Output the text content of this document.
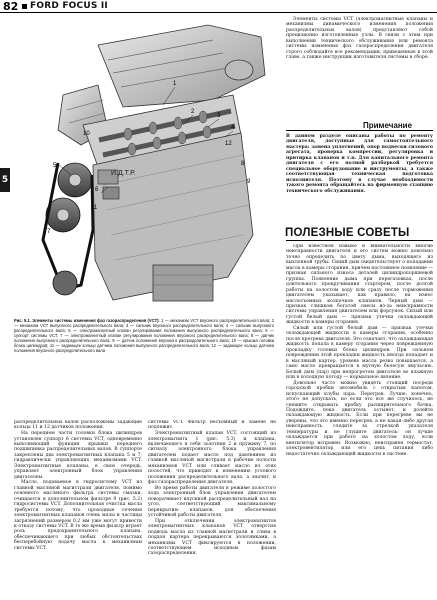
82 FORD FOCUS II
5
И.Д.Т.Р.
1
2
3
4
5
6
7
8
9
10
11
12
Рис. 5.1. Элементы системы изменения фаз газораспределения (VCT): 1 — механизм VCT впускного распределительного вала; 2 — механизм VCT выпускного распределительного вала; 3 — сальник впускного распределительного вала; 4 — сальник выпускного распределительного вала; 5 — электромагнитный клапан регулирования положения выпускного распределительного вала; 6 — суппорт системы VCT; 7 — электромагнитный клапан регулирования положения впускного распределительного вала; 8 — датчик положения выпускного распределительного вала; 9 — датчик положения впускного распределительного вала; 10 — крышка головки блока цилиндров; 11 — задающее кольцо датчика положения выпускного распределительного вала; 12 — задающее кольцо датчика положения впускного распределительного вала

Элементы системы VCT (электромагнитные клапаны и механизмы динамического изменения положения распределительных валов) представляют собой прецизионно изготовленные узлы. В связи с этим при выполнении технического обслуживания или ремонта системы изменения фаз газораспределения двигателя строго соблюдайте все рекомендации, приведенные в этой главе, а также инструкции изготовителя системы в сборе.

Примечание

В данном разделе описаны работы по ремонту двигателя, доступные для самостоятельного мастера: замена уплотнений, опор подвески силового агрегата, проверка компрессии, регулировка и притирка клапанов и т.п. Для капитального ремонта двигателя с его полной разборкой требуется специальное оборудование и инструменты, а также соответствующая техническая подготовка исполнителя. Поэтому в случае необходимости такого ремонта обращайтесь на фирменную станцию технического обслуживания.

ПОЛЕЗНЫЕ СОВЕТЫ

При известном навыке и внимательности многие неисправности двигателя и его систем можно довольно точно определить по цвету дыма, выходящего из выхлопной трубы. Синий дым свидетельствует о попадании масла в камеры сгорания, причем постоянное появление — признак сильного износа деталей цилиндропоршневой группы. Появление дыма при перегазовках, после длительного прокручивания стартером, после долгой работы на холостом ходу или сразу после торможения двигателем указывает, как правило, на износ маслосъемных колпачков клапанов. Черный дым — признак слишком богатой смеси из-за неисправности системы управления двигателем или форсунок. Сизый или густой белый дым — признак утечки охлаждающей жидкости в камеры сгорания.

Сизый или густой белый дым — признак утечки охлаждающей жидкости в камеры сгорания, особенно после прогрева двигателя. Это означает, что охлаждающая жидкость попала в камеру сгорания через поврежденную прокладку головки блока цилиндров. При сильном повреждении этой прокладки жидкость иногда попадает и в масляный картер, уровень масла резко повышается, а само масло превращается в мутную белесую эмульсию. Белый дым (пар) при непрогретом двигателе во влажную или в холодную погоду — нормальное явление.

Довольно часто можно увидеть стоящий посреди городской пробки автомобиль с открытым капотом, испускающий клубы пара. Перегрев. Лучше, конечно, этого не допускать, но если это все же случилось, не спешите открывать пробку расширительного бачка. Подождите, пока двигатель остынет, и долейте охлаждающую жидкость. Если при перегреве вы не уверены, что это именно перегрев, а не какая-либо другая неисправность, следите за стрелкой указателя температуры и не глушите двигатель: он лучше охлаждается при работе на холостом ходу, если вентилятор исправен. Возможно, неисправен термостат, электровентилятор или его цепь питания либо недостаточно охлаждающей жидкости в системе.

распределительных валов расположены задающие кольца 11 и 12 датчиков положения.

На переднем части головки блока цилиндров установлен суппорт 6 системы VCT, одновременно выполняющий функции крышки переднего подшипника распределительных валов. В суппорте закреплены два электромагнитных клапана 5 и 7, гидравлически управляющих механизмами VCT. Электромагнитные клапаны, в свою очередь, управляет электронный блок управления двигателем.

Масло, подаваемое в гидросистему VCT из главной масляной магистрали двигателя, помимо основного масляного фильтра системы смазки, очищается в дополнительном фильтре 9 (рис. 5.2) гидросистемы VCT. Дополнительная очистка масла требуется потому, что проходные сечения электромагнитных клапанов очень малы и частицы загрязнений размером 0,2 мм уже могут привести к отказу системы VCT. В то же время фильтр играет роль предохранительного клапана, обеспечивающего при любых обстоятельствах бесперебойную подачу масла к механизмам системы VCT.

системы VCT. Фильтр несъемный и замене не подлежит.

Электромагнитный клапан VCT, состоящий из электромагнита 1 (рис. 5.3) и клапана, включающего в себя золотник 2 и пружину 7, по сигналу электронного блока управления двигателем подает масло под давлением из главной масляной магистрали в рабочие полости механизмов VCT или сливает масло из этих полостей, что приводит к изменению углового положения распределительного вала, а значит, и фаз газораспределения двигателя.

Во время работы двигателя в режиме холостого хода электронный блок управления двигателем поворачивает впускной распределительный вал на угол, соответствующий максимальному перекрытию клапанов, для обеспечения устойчивой работы двигателя.

При отключении электромагнитов электромагнитных клапанов VCT отверстия подвода масла из главной магистрали и слива в поддон картера перекрываются золотниками, а механизмы VCT фиксируются в положении, соответствующем исходным фазам газораспределения.
